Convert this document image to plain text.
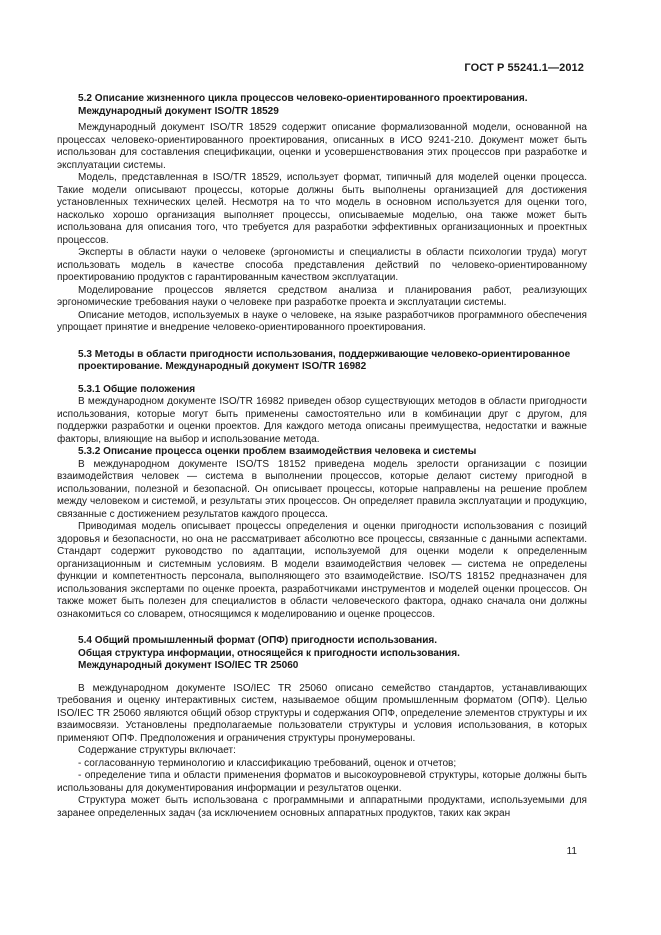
ГОСТ Р 55241.1—2012
5.2 Описание жизненного цикла процессов человеко-ориентированного проектирования. Международный документ ISO/TR 18529

Международный документ ISO/TR 18529 содержит описание формализованной модели, основанной на процессах человеко-ориентированного проектирования, описанных в ИСО 9241-210. Документ может быть использован для составления спецификации, оценки и усовершенствования этих процессов при разработке и эксплуатации системы.

Модель, представленная в ISO/TR 18529, использует формат, типичный для моделей оценки процесса. Такие модели описывают процессы, которые должны быть выполнены организацией для достижения установленных технических целей. Несмотря на то что модель в основном используется для оценки того, насколько хорошо организация выполняет процессы, описываемые моделью, она также может быть использована для описания того, что требуется для разработки эффективных организационных и проектных процессов.

Эксперты в области науки о человеке (эргономисты и специалисты в области психологии труда) могут использовать модель в качестве способа представления действий по человеко-ориентированному проектированию продуктов с гарантированным качеством эксплуатации.

Моделирование процессов является средством анализа и планирования работ, реализующих эргономические требования науки о человеке при разработке проекта и эксплуатации системы.

Описание методов, используемых в науке о человеке, на языке разработчиков программного обеспечения упрощает принятие и внедрение человеко-ориентированного проектирования.

5.3 Методы в области пригодности использования, поддерживающие человеко-ориентированное проектирование. Международный документ ISO/TR 16982
5.3.1 Общие положения

В международном документе ISO/TR 16982 приведен обзор существующих методов в области пригодности использования, которые могут быть применены самостоятельно или в комбинации друг с другом, для поддержки разработки и оценки проектов. Для каждого метода описаны преимущества, недостатки и важные факторы, влияющие на выбор и использование метода.

5.3.2 Описание процесса оценки проблем взаимодействия человека и системы

В международном документе ISO/TS 18152 приведена модель зрелости организации с позиции взаимодействия человек — система в выполнении процессов, которые делают систему пригодной в использовании, полезной и безопасной. Он описывает процессы, которые направлены на решение проблем между человеком и системой, и результаты этих процессов. Он определяет правила эксплуатации и продукцию, связанные с достижением результатов каждого процесса.

Приводимая модель описывает процессы определения и оценки пригодности использования с позиций здоровья и безопасности, но она не рассматривает абсолютно все процессы, связанные с данными аспектами. Стандарт содержит руководство по адаптации, используемой для оценки модели к определенным организационным и системным условиям. В модели взаимодействия человек — система не определены функции и компетентность персонала, выполняющего это взаимодействие. ISO/TS 18152 предназначен для использования экспертами по оценке проекта, разработчиками инструментов и моделей оценки процессов. Он также может быть полезен для специалистов в области человеческого фактора, однако сначала они должны ознакомиться со словарем, относящимся к моделированию и оценке процессов.

5.4 Общий промышленный формат (ОПФ) пригодности использования.
Общая структура информации, относящейся к пригодности использования.
Международный документ ISO/IEC TR 25060

В международном документе ISO/IEC TR 25060 описано семейство стандартов, устанавливающих требования и оценку интерактивных систем, называемое общим промышленным форматом (ОПФ). Целью ISO/IEC TR 25060 являются общий обзор структуры и содержания ОПФ, определение элементов структуры и их взаимосвязи. Установлены предполагаемые пользователи структуры и условия использования, в которых применяют ОПФ. Предположения и ограничения структуры пронумерованы.

Содержание структуры включает:

- согласованную терминологию и классификацию требований, оценок и отчетов;

- определение типа и области применения форматов и высокоуровневой структуры, которые должны быть использованы для документирования информации и результатов оценки.

Структура может быть использована с программными и аппаратными продуктами, используемыми для заранее определенных задач (за исключением основных аппаратных продуктов, таких как экран

11
